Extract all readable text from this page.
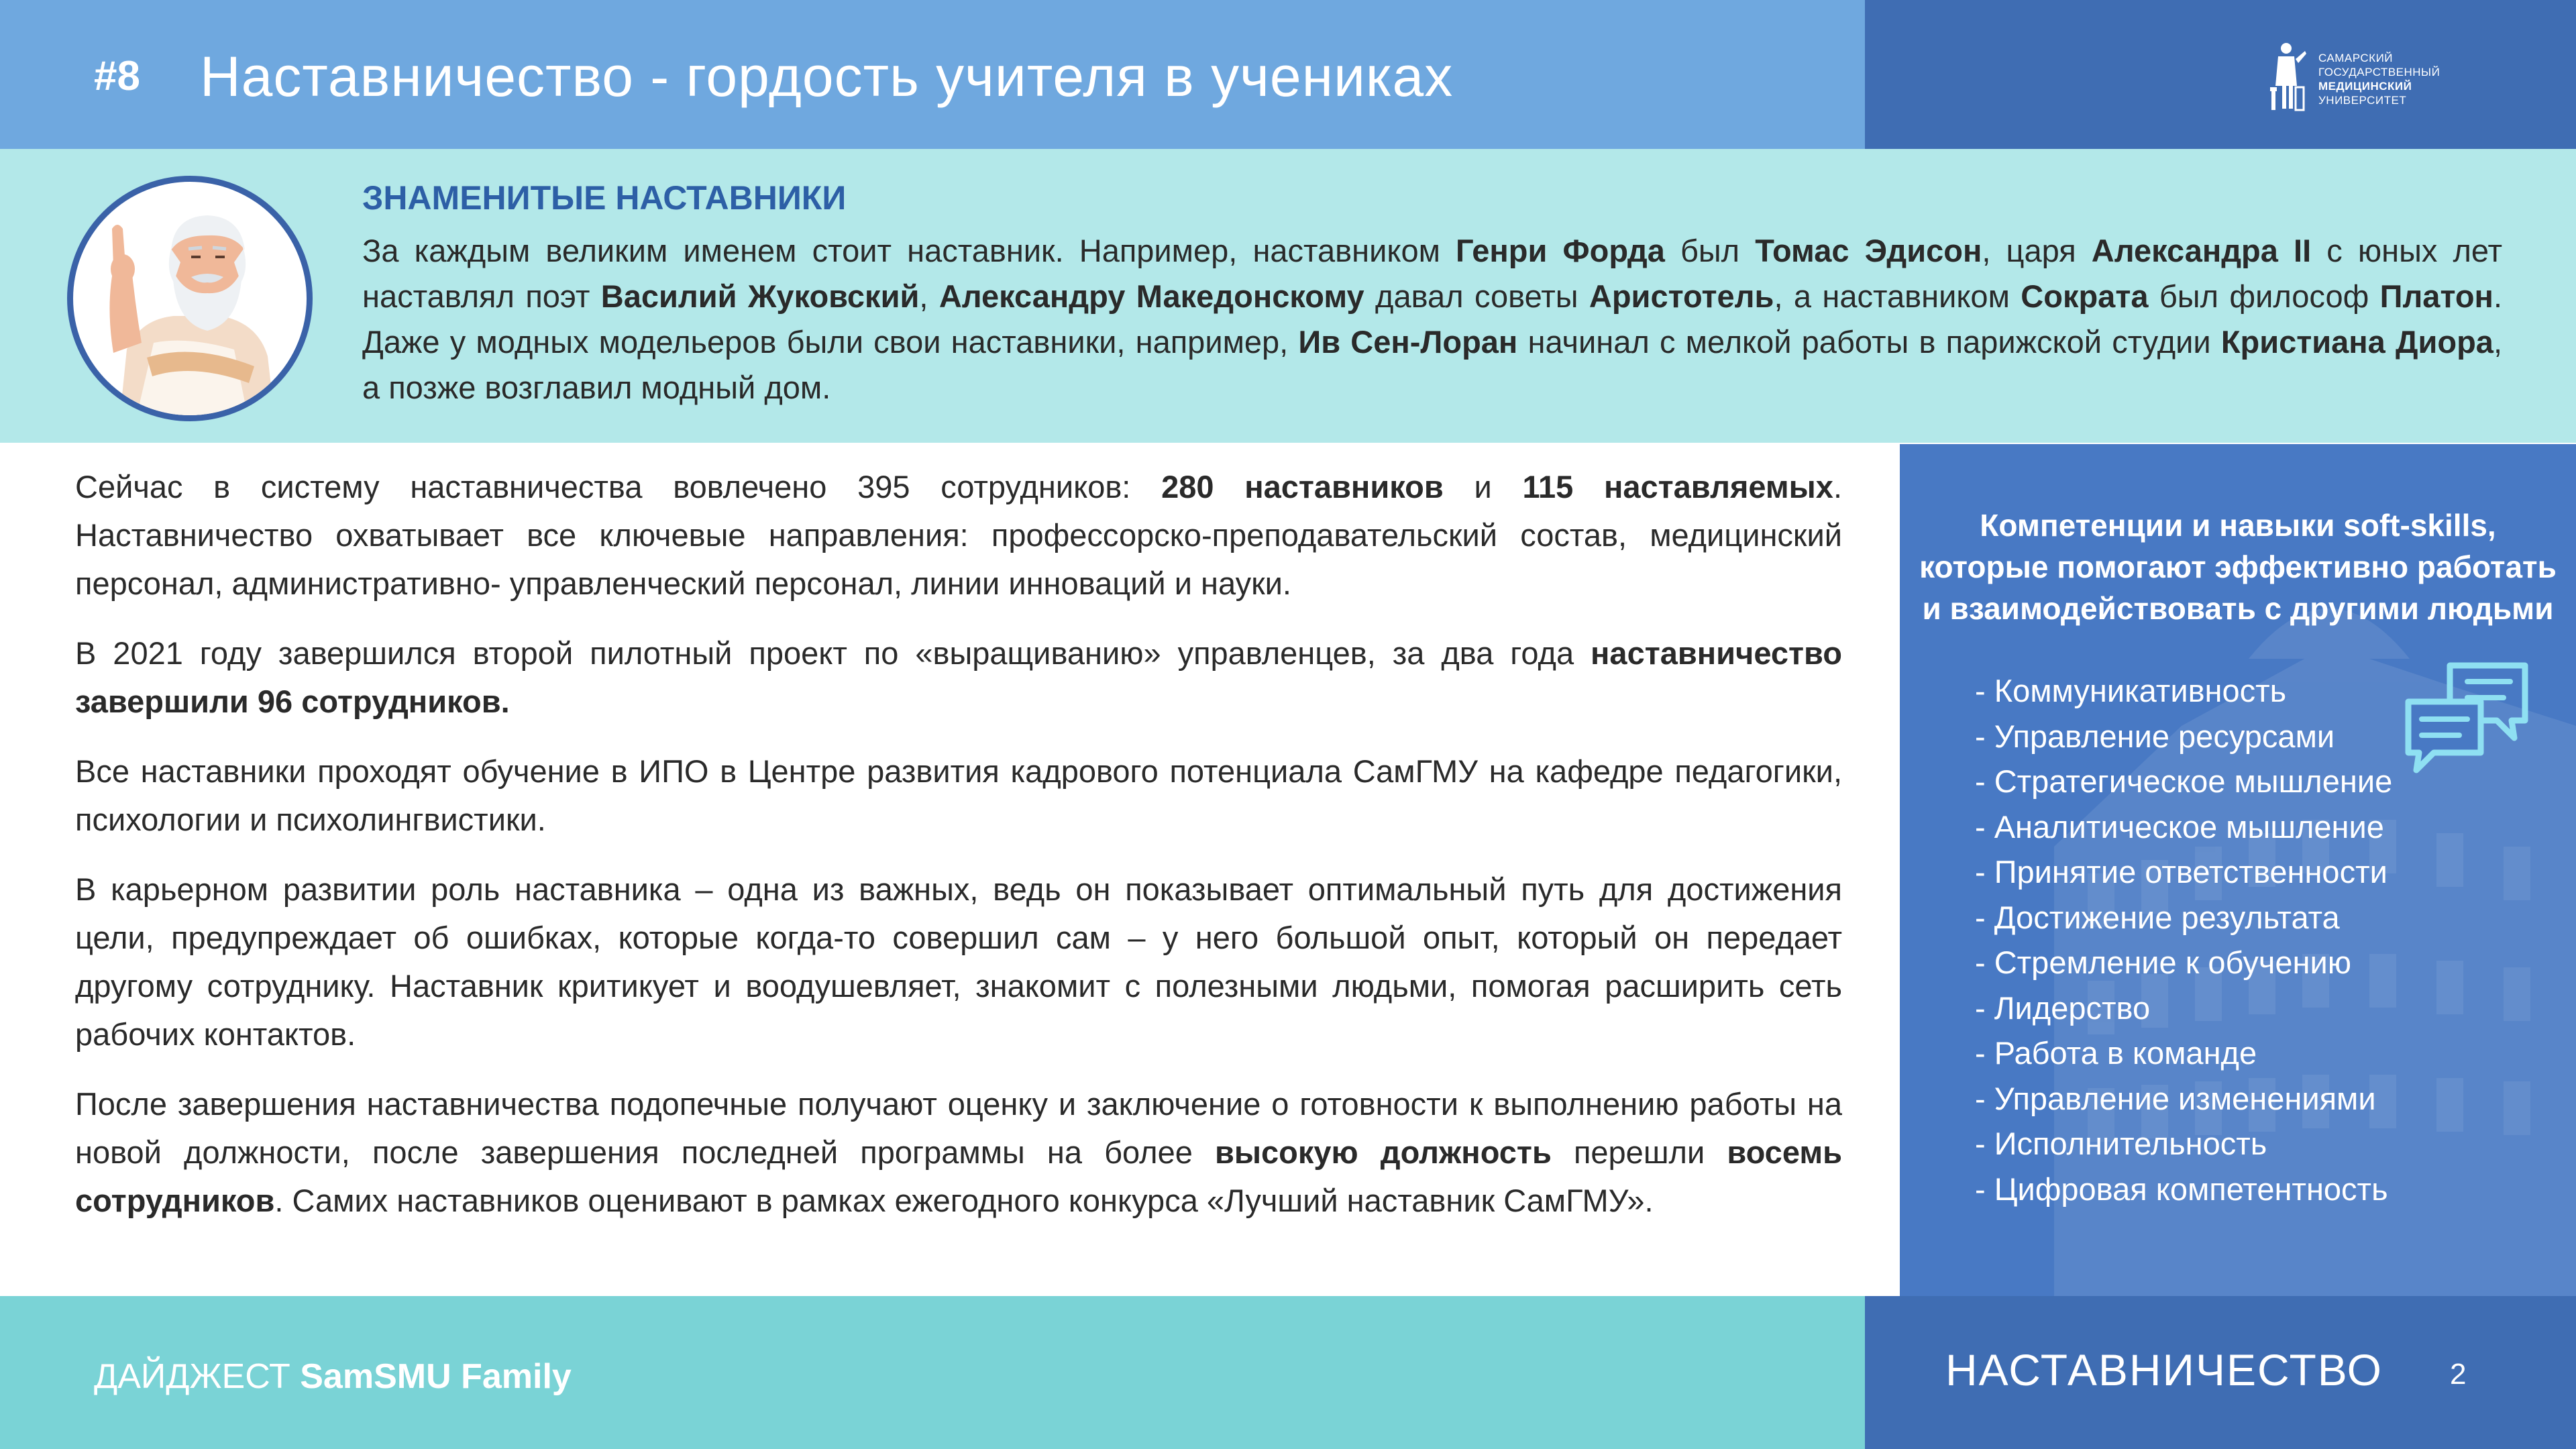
#8 Наставничество - гордость учителя в учениках	САМАРСКИЙ
ГОСУДАРСТВЕННЫЙ
МЕДИЦИНСКИЙ
УНИВЕРСИТЕТ
ЗНАМЕНИТЫЕ НАСТАВНИКИ
За каждым великим именем стоит наставник. Например, наставником Генри Форда был Томас Эдисон, царя Александра II с юных лет наставлял поэт Василий Жуковский, Александру Македонскому давал советы Аристотель, а наставником Сократа был философ Платон. Даже у модных модельеров были свои наставники, например, Ив Сен-Лоран начинал с мелкой работы в парижской студии Кристиана Диора, а позже возглавил модный дом.

Сейчас в систему наставничества вовлечено 395 сотрудников: 280 наставников и 115 наставляемых. Наставничество охватывает все ключевые направления: профессорско-преподавательский состав, медицинский персонал, административно- управленческий персонал, линии инноваций и науки.

В 2021 году завершился второй пилотный проект по «выращиванию» управленцев, за два года наставничество завершили 96 сотрудников.

Все наставники проходят обучение в ИПО в Центре развития кадрового потенциала СамГМУ на кафедре педагогики, психологии и психолингвистики.

В карьерном развитии роль наставника – одна из важных, ведь он показывает оптимальный путь для достижения цели, предупреждает об ошибках, которые когда-то совершил сам – у него большой опыт, который он передает другому сотруднику. Наставник критикует и воодушевляет, знакомит с полезными людьми, помогая расширить сеть рабочих контактов.

После завершения наставничества подопечные получают оценку и заключение о готовности к выполнению работы на новой должности, после завершения последней программы на более высокую должность перешли восемь сотрудников. Самих наставников оценивают в рамках ежегодного конкурса «Лучший наставник СамГМУ».

Компетенции и навыки soft-skills,
которые помогают эффективно работать
и взаимодействовать с другими людьми
- Коммуникативность
- Управление ресурсами
- Стратегическое мышление
- Аналитическое мышление
- Принятие ответственности
- Достижение результата
- Стремление к обучению
- Лидерство
- Работа в команде
- Управление изменениями
- Исполнительность
- Цифровая компетентность
ДАЙДЖЕСТ SamSMU Family	НАСТАВНИЧЕСТВО 2
